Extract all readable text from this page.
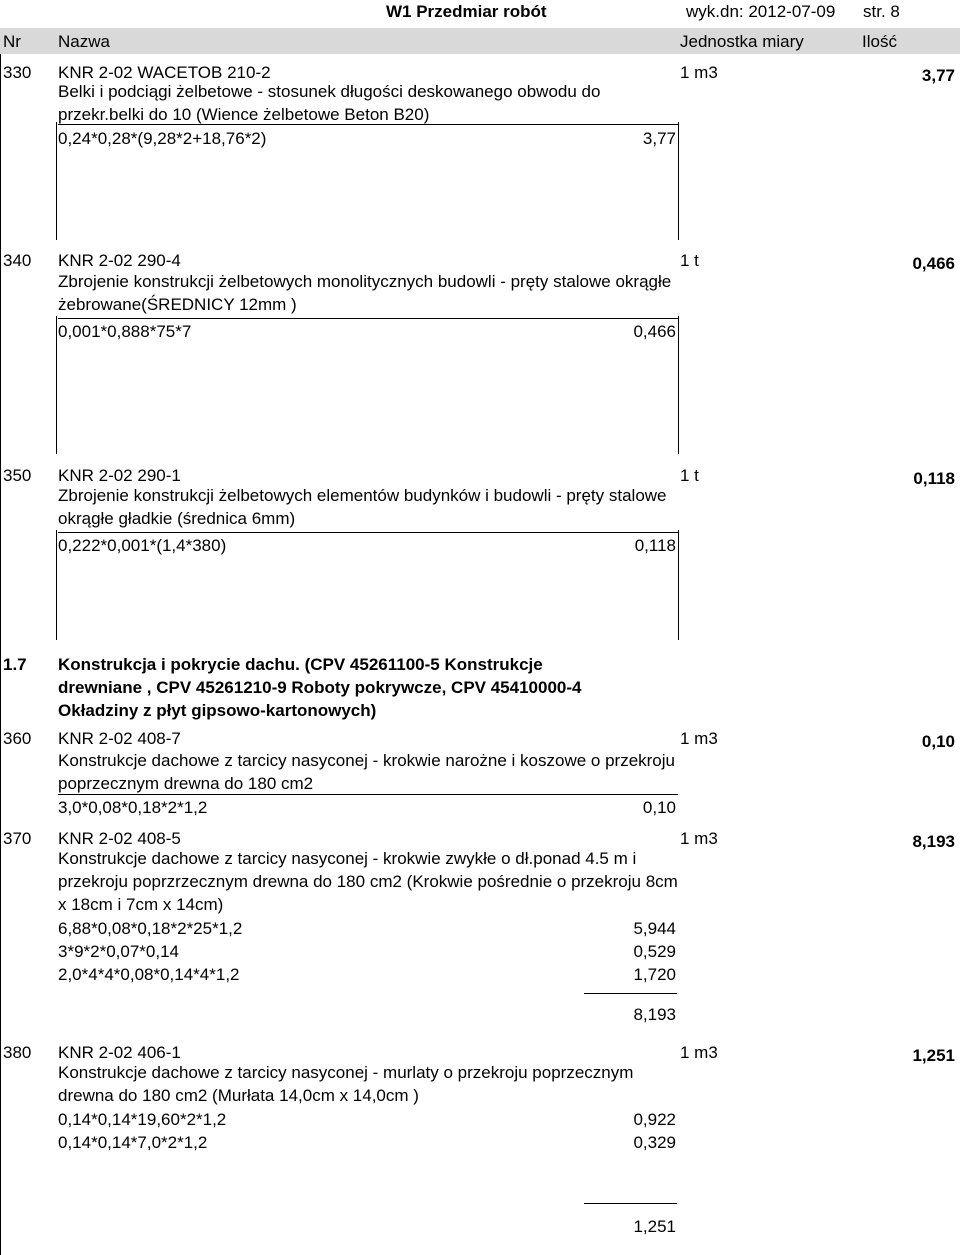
W1 Przedmiar robót	wyk.dn: 2012-07-09 str. 8
Nr Nazwa	Jednostka miary	Ilość
330 KNR 2-02 WACETOB 210-2
Belki i podciągi żelbetowe - stosunek długości deskowanego obwodu do przekr.belki do 10 (Wience żelbetowe Beton B20)
1 m3	3,77
0,24*0,28*(9,28*2+18,76*2)	3,77
340 KNR 2-02 290-4
Zbrojenie konstrukcji żelbetowych monolitycznych budowli - pręty stalowe okrągłe żebrowane(ŚREDNICY 12mm )
1 t	0,466
0,001*0,888*75*7	0,466
350 KNR 2-02 290-1
Zbrojenie konstrukcji żelbetowych elementów budynków i budowli - pręty stalowe okrągłe gładkie (średnica 6mm)
1 t	0,118
0,222*0,001*(1,4*380)	0,118
1.7 Konstrukcja i pokrycie dachu. (CPV 45261100-5 Konstrukcje
drewniane , CPV 45261210-9 Roboty pokrywcze, CPV 45410000-4
Okładziny z płyt gipsowo-kartonowych)
360 KNR 2-02 408-7
Konstrukcje dachowe z tarcicy nasyconej - krokwie narożne i koszowe o przekroju poprzecznym drewna do 180 cm2
1 m3	0,10
3,0*0,08*0,18*2*1,2	0,10
370 KNR 2-02 408-5
Konstrukcje dachowe z tarcicy nasyconej - krokwie zwykłe o dł.ponad 4.5 m i przekroju poprzrzecznym drewna do 180 cm2 (Krokwie pośrednie o przekroju 8cm x 18cm i 7cm x 14cm)
1 m3	8,193
6,88*0,08*0,18*2*25*1,2	5,944
3*9*2*0,07*0,14	0,529
2,0*4*4*0,08*0,14*4*1,2	1,720
8,193
380 KNR 2-02 406-1
Konstrukcje dachowe z tarcicy nasyconej - murlaty o przekroju poprzecznym drewna do 180 cm2 (Murłata 14,0cm x 14,0cm )
1 m3	1,251
0,14*0,14*19,60*2*1,2	0,922
0,14*0,14*7,0*2*1,2	0,329
1,251
